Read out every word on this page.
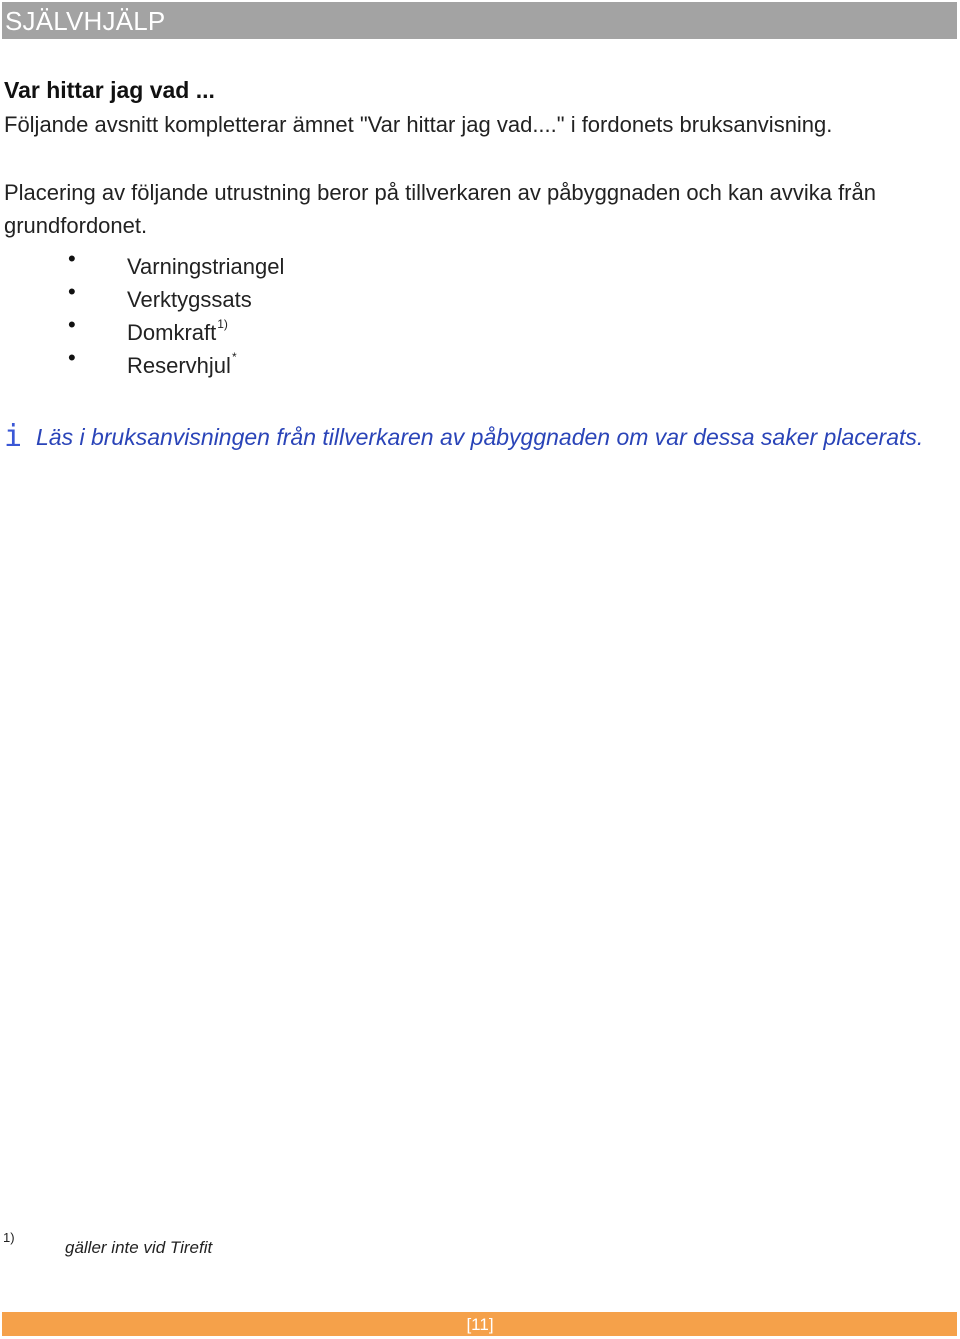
SJÄLVHJÄLP
Var hittar jag vad ...
Följande avsnitt kompletterar ämnet "Var hittar jag vad...." i fordonets bruksanvisning.
Placering av följande utrustning beror på tillverkaren av påbyggnaden och kan avvika från grundfordonet.
• Varningstriangel
• Verktygssats
• Domkraft$^{1)}$
• Reservhjul*
i Läs i bruksanvisningen från tillverkaren av påbyggnaden om var dessa saker placerats.
1)
gäller inte vid Tirefit
[11]
